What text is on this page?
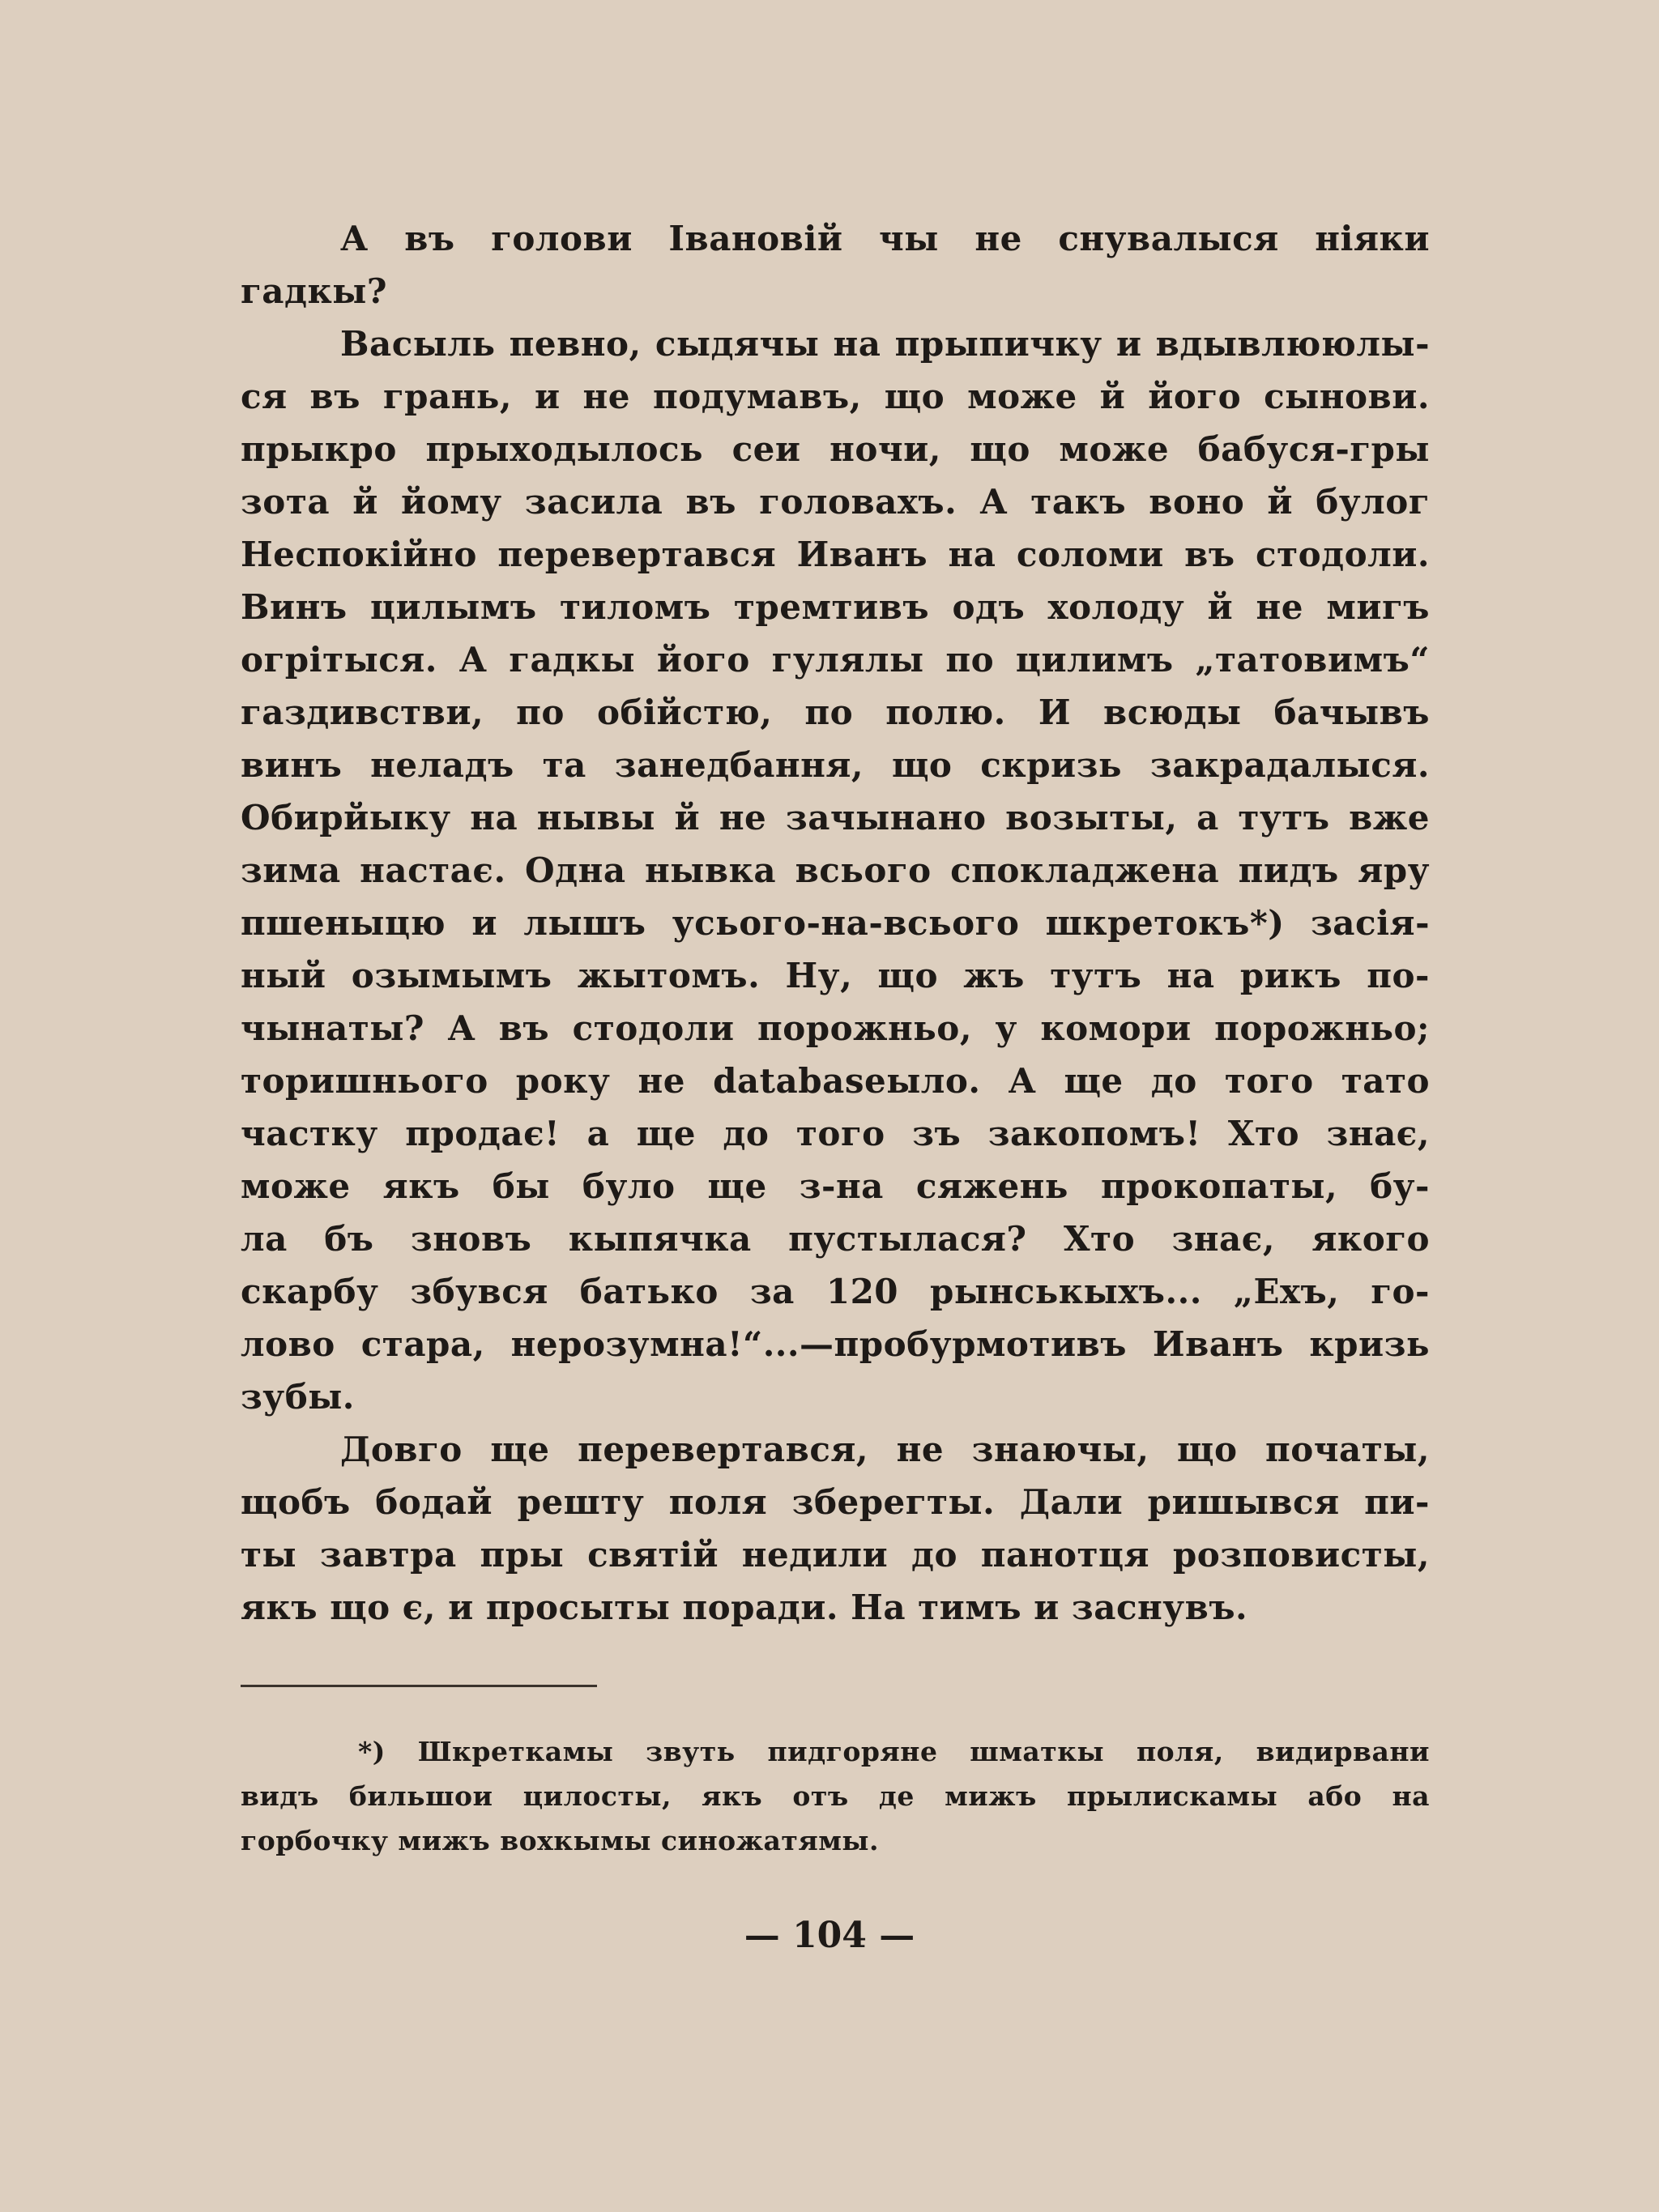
А въ голови Івановій чы не снувалыся ніяки
гадкы?
Васыль певно, сыдячы на прыпичку и вдывлююлы-
ся въ грань, и не подумавъ, що може й його сынови.
прыкро прыходылось сеи ночи, що може бабуся-гры
зота й йому засила въ головахъ. А такъ воно й булог
Неспокійно перевертався Иванъ на соломи въ стодоли.
Винъ цилымъ тиломъ тремтивъ одъ холоду й не мигъ
огрітыся. А гадкы його гулялы по цилимъ „татовимъ“
газдивстви, по обійстю, по полю. И всюды бачывъ
винъ неладъ та занедбання, що скризь закрадалыся.
Обирйыку на нывы й не зачынано возыты, а тутъ вже
зима настає. Одна нывка всього спокладжена пидъ яру
пшеныцю и лышъ усього-на-всього шкретокъ*) засія-
ный озымымъ жытомъ. Ну, що жъ тутъ на рикъ по-
чынаты? А въ стодоли порожньо, у комори порожньо;
торишнього року не databaseыло. А ще до того тато
частку продає! а ще до того зъ закопомъ! Хто знає,
може якъ бы було ще з-на сяжень прокопаты, бу-
ла бъ зновъ кыпячка пустылася? Хто знає, якого
скарбу збувся батько за 120 рынськыхъ... „Ехъ, го-
лово стара, нерозумна!“...—пробурмотивъ Иванъ кризь
зубы.
Довго ще перевертався, не знаючы, що початы,
щобъ бодай решту поля зберегты. Дали ришывся пи-
ты завтра пры святій недили до панотця розповисты,
якъ що є, и просыты поради. На тимъ и заснувъ.
*) Шкреткамы звуть пидгоряне шматкы поля, видирвани
видъ бильшои цилосты, якъ отъ де мижъ прылискамы або на
горбочку мижъ вохкымы синожатямы.
— 104 —
